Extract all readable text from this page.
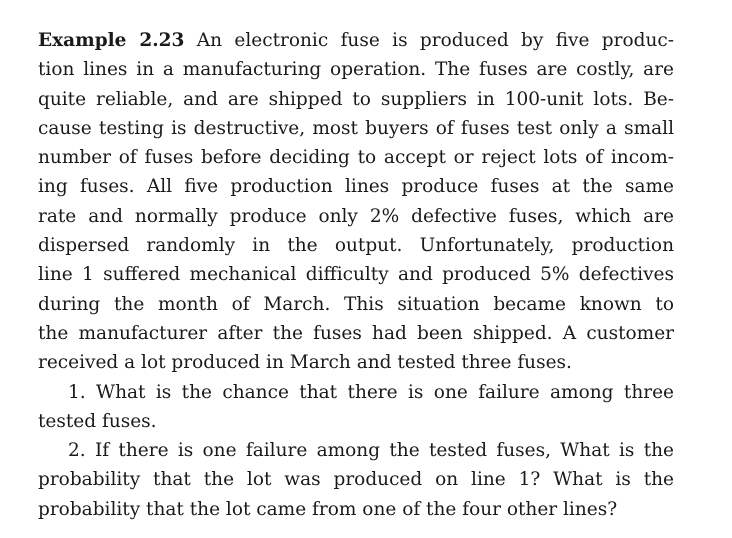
Example 2.23 An electronic fuse is produced by five produc-
tion lines in a manufacturing operation. The fuses are costly, are
quite reliable, and are shipped to suppliers in 100-unit lots. Be-
cause testing is destructive, most buyers of fuses test only a small
number of fuses before deciding to accept or reject lots of incom-
ing fuses. All five production lines produce fuses at the same
rate and normally produce only 2% defective fuses, which are
dispersed randomly in the output. Unfortunately, production
line 1 suffered mechanical difficulty and produced 5% defectives
during the month of March. This situation became known to
the manufacturer after the fuses had been shipped. A customer
received a lot produced in March and tested three fuses.
1. What is the chance that there is one failure among three
tested fuses.
2. If there is one failure among the tested fuses, What is the
probability that the lot was produced on line 1? What is the
probability that the lot came from one of the four other lines?
